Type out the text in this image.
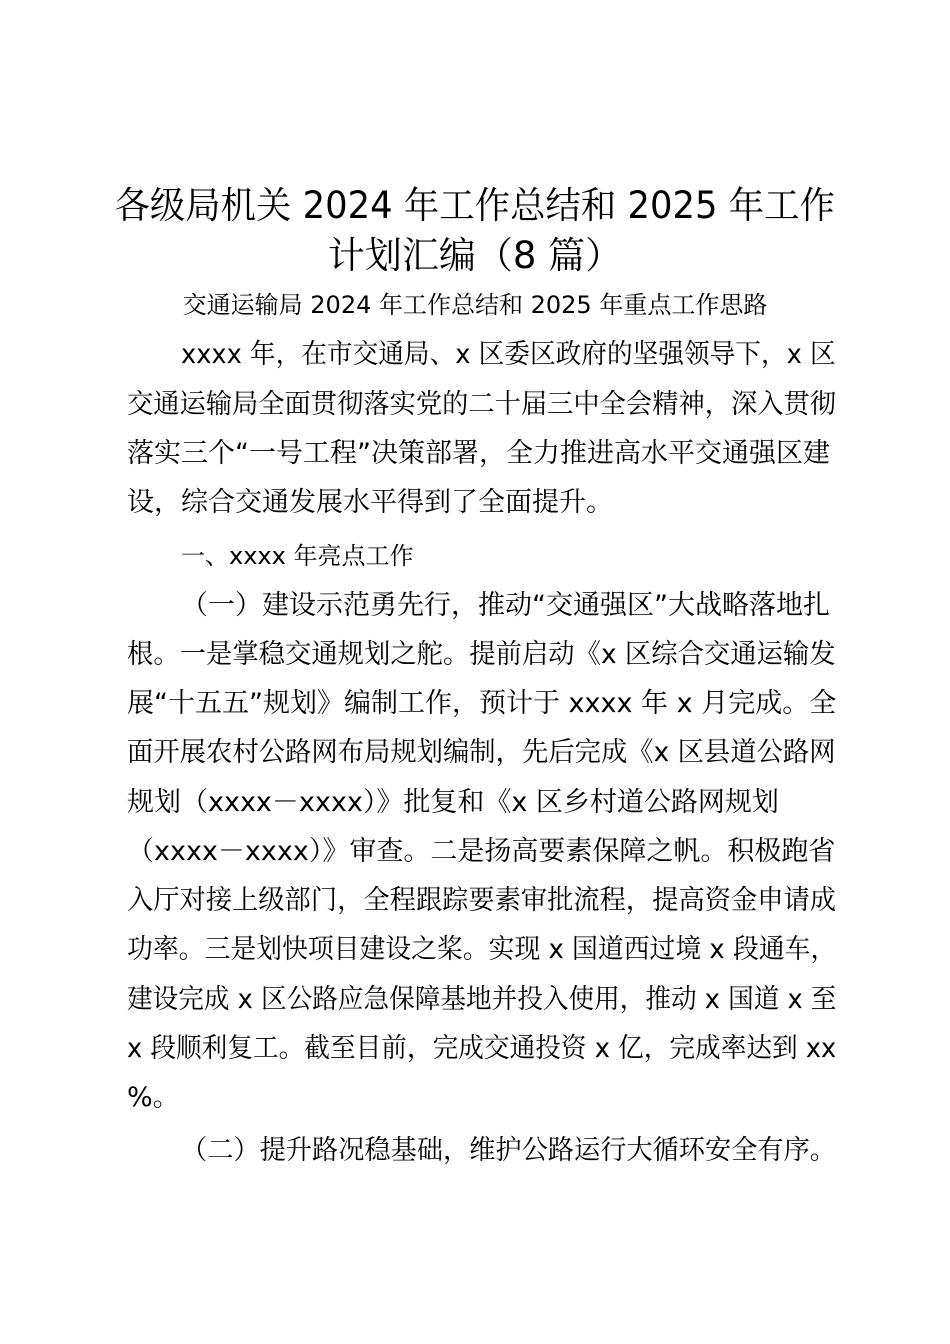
各级局机关 2024 年工作总结和 2025 年工作
计划汇编（8 篇）
交通运输局 2024 年工作总结和 2025 年重点工作思路
xxxx 年，在市交通局、x 区委区政府的坚强领导下，x 区
交通运输局全面贯彻落实党的二十届三中全会精神，深入贯彻
落实三个“一号工程”决策部署，全力推进高水平交通强区建
设，综合交通发展水平得到了全面提升。
一、xxxx 年亮点工作
（一）建设示范勇先行，推动“交通强区”大战略落地扎
根。一是掌稳交通规划之舵。提前启动《x 区综合交通运输发
展“十五五”规划》编制工作，预计于 xxxx 年 x 月完成。全
面开展农村公路网布局规划编制，先后完成《x 区县道公路网
规划（xxxx－xxxx）》批复和《x 区乡村道公路网规划
（xxxx－xxxx）》审查。二是扬高要素保障之帆。积极跑省
入厅对接上级部门，全程跟踪要素审批流程，提高资金申请成
功率。三是划快项目建设之桨。实现 x 国道西过境 x 段通车，
建设完成 x 区公路应急保障基地并投入使用，推动 x 国道 x 至
x 段顺利复工。截至目前，完成交通投资 x 亿，完成率达到 xx
%。
（二）提升路况稳基础，维护公路运行大循环安全有序。
